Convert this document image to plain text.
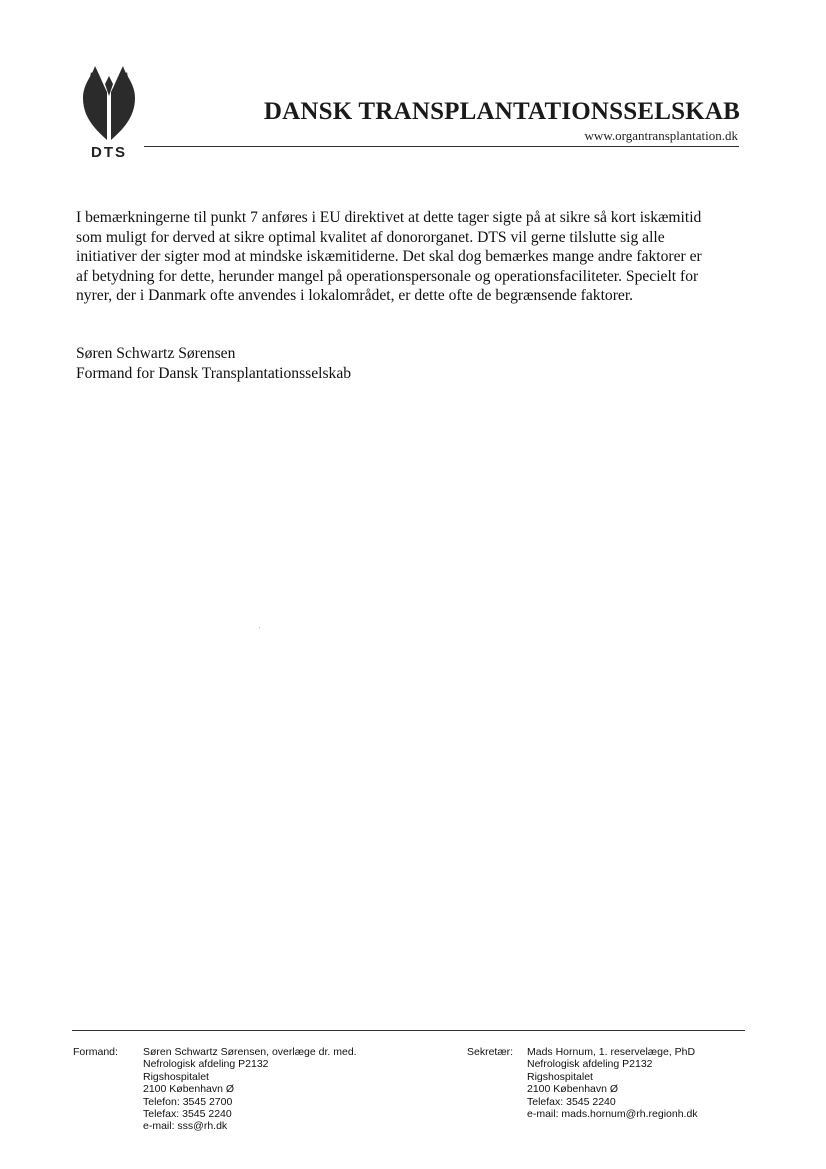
DTS
DANSK TRANSPLANTATIONSSELSKAB
www.organtransplantation.dk

I bemærkningerne til punkt 7 anføres i EU direktivet at dette tager sigte på at sikre så kort iskæmitid
som muligt for derved at sikre optimal kvalitet af donororganet. DTS vil gerne tilslutte sig alle
initiativer der sigter mod at mindske iskæmitiderne. Det skal dog bemærkes mange andre faktorer er
af betydning for dette, herunder mangel på operationspersonale og operationsfaciliteter. Specielt for
nyrer, der i Danmark ofte anvendes i lokalområdet, er dette ofte de begrænsende faktorer.

Søren Schwartz Sørensen
Formand for Dansk Transplantationsselskab
Formand: Søren Schwartz Sørensen, overlæge dr. med.
Nefrologisk afdeling P2132
Rigshospitalet
2100 København Ø
Telefon: 3545 2700
Telefax: 3545 2240
e-mail: sss@rh.dk
Sekretær: Mads Hornum, 1. reservelæge, PhD
Nefrologisk afdeling P2132
Rigshospitalet
2100 København Ø
Telefax: 3545 2240
e-mail: mads.hornum@rh.regionh.dk
